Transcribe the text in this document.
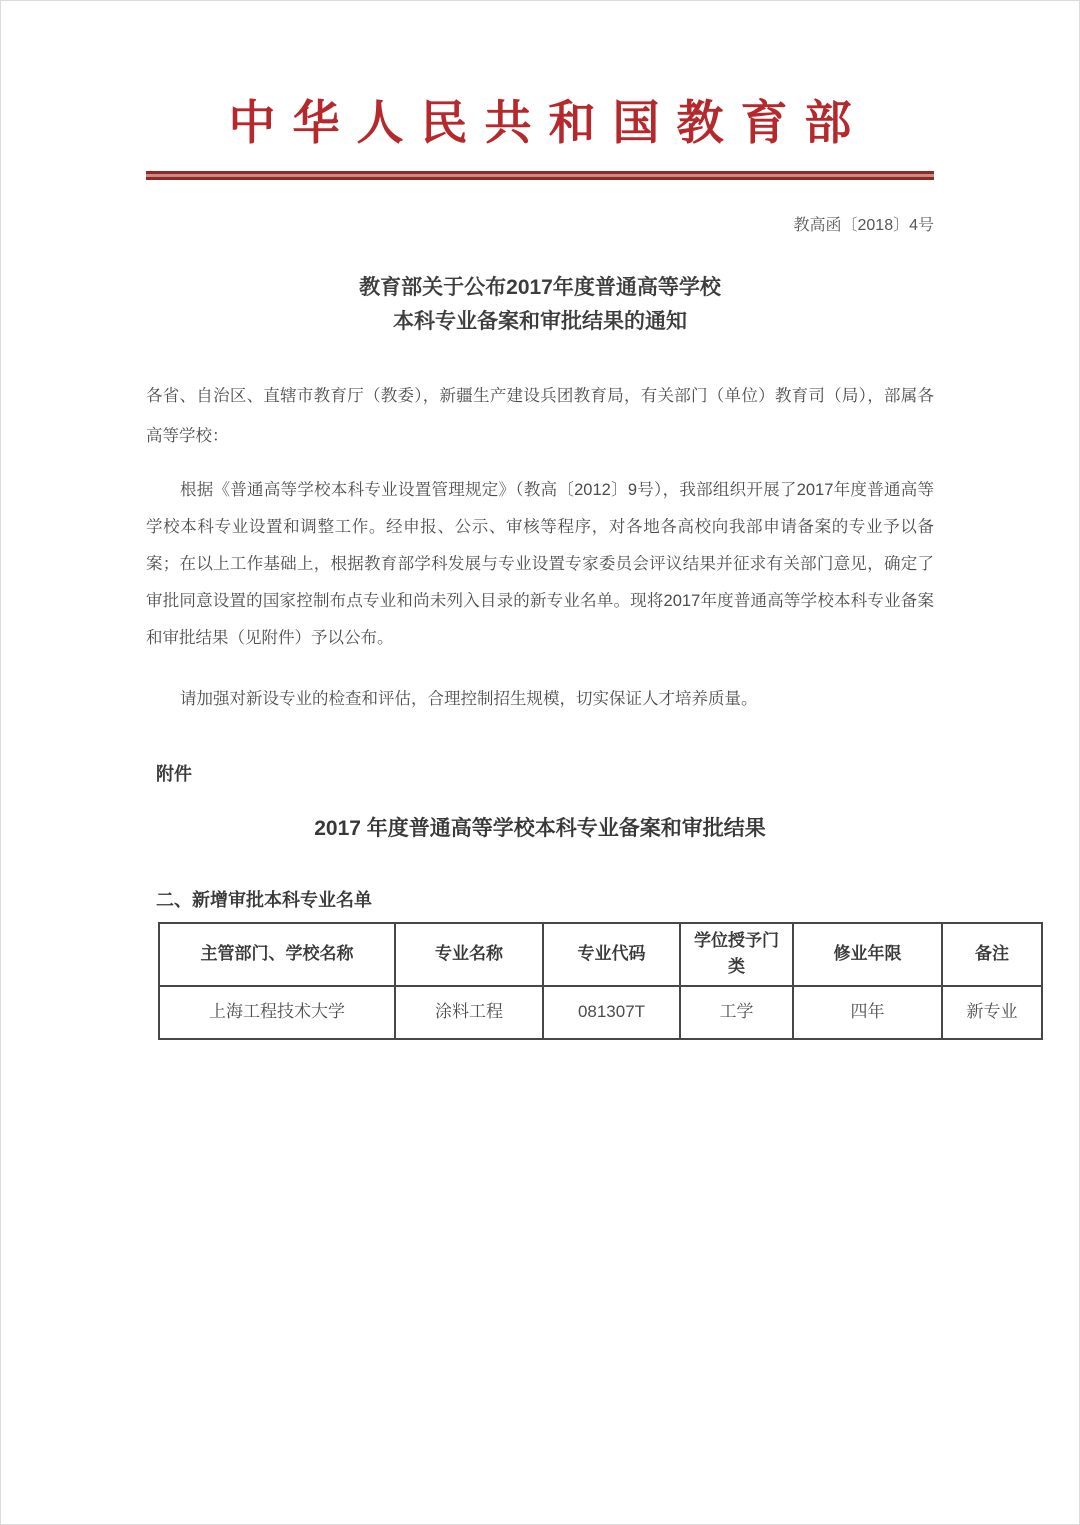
中华人民共和国教育部
教高函〔2018〕4号
教育部关于公布2017年度普通高等学校
本科专业备案和审批结果的通知
各省、自治区、直辖市教育厅（教委），新疆生产建设兵团教育局，有关部门（单位）教育司（局），部属各高等学校：
根据《普通高等学校本科专业设置管理规定》（教高〔2012〕9号），我部组织开展了2017年度普通高等学校本科专业设置和调整工作。经申报、公示、审核等程序，对各地各高校向我部申请备案的专业予以备案；在以上工作基础上，根据教育部学科发展与专业设置专家委员会评议结果并征求有关部门意见，确定了审批同意设置的国家控制布点专业和尚未列入目录的新专业名单。现将2017年度普通高等学校本科专业备案和审批结果（见附件）予以公布。
请加强对新设专业的检查和评估，合理控制招生规模，切实保证人才培养质量。
附件
2017 年度普通高等学校本科专业备案和审批结果
二、新增审批本科专业名单
主管部门、学校名称	专业名称	专业代码	学位授予门类	修业年限	备注
上海工程技术大学	涂料工程	081307T	工学	四年	新专业
